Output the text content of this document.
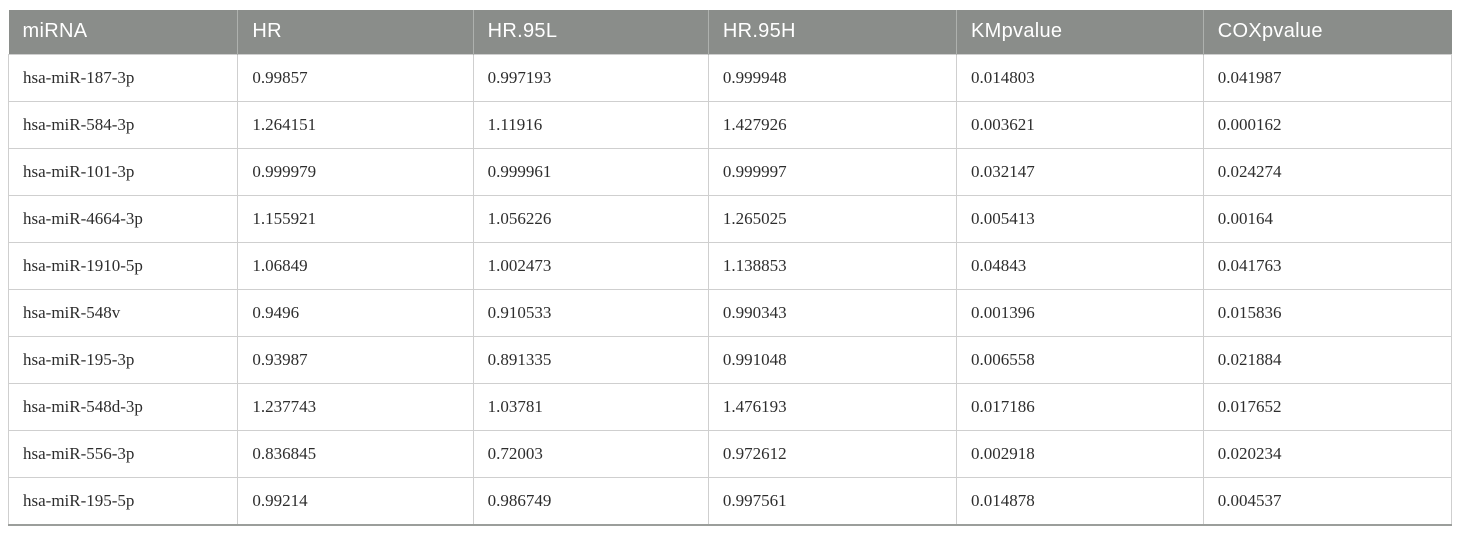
miRNA	HR	HR.95L	HR.95H	KMpvalue	COXpvalue
hsa-miR-187-3p	0.99857	0.997193	0.999948	0.014803	0.041987
hsa-miR-584-3p	1.264151	1.11916	1.427926	0.003621	0.000162
hsa-miR-101-3p	0.999979	0.999961	0.999997	0.032147	0.024274
hsa-miR-4664-3p	1.155921	1.056226	1.265025	0.005413	0.00164
hsa-miR-1910-5p	1.06849	1.002473	1.138853	0.04843	0.041763
hsa-miR-548v	0.9496	0.910533	0.990343	0.001396	0.015836
hsa-miR-195-3p	0.93987	0.891335	0.991048	0.006558	0.021884
hsa-miR-548d-3p	1.237743	1.03781	1.476193	0.017186	0.017652
hsa-miR-556-3p	0.836845	0.72003	0.972612	0.002918	0.020234
hsa-miR-195-5p	0.99214	0.986749	0.997561	0.014878	0.004537
